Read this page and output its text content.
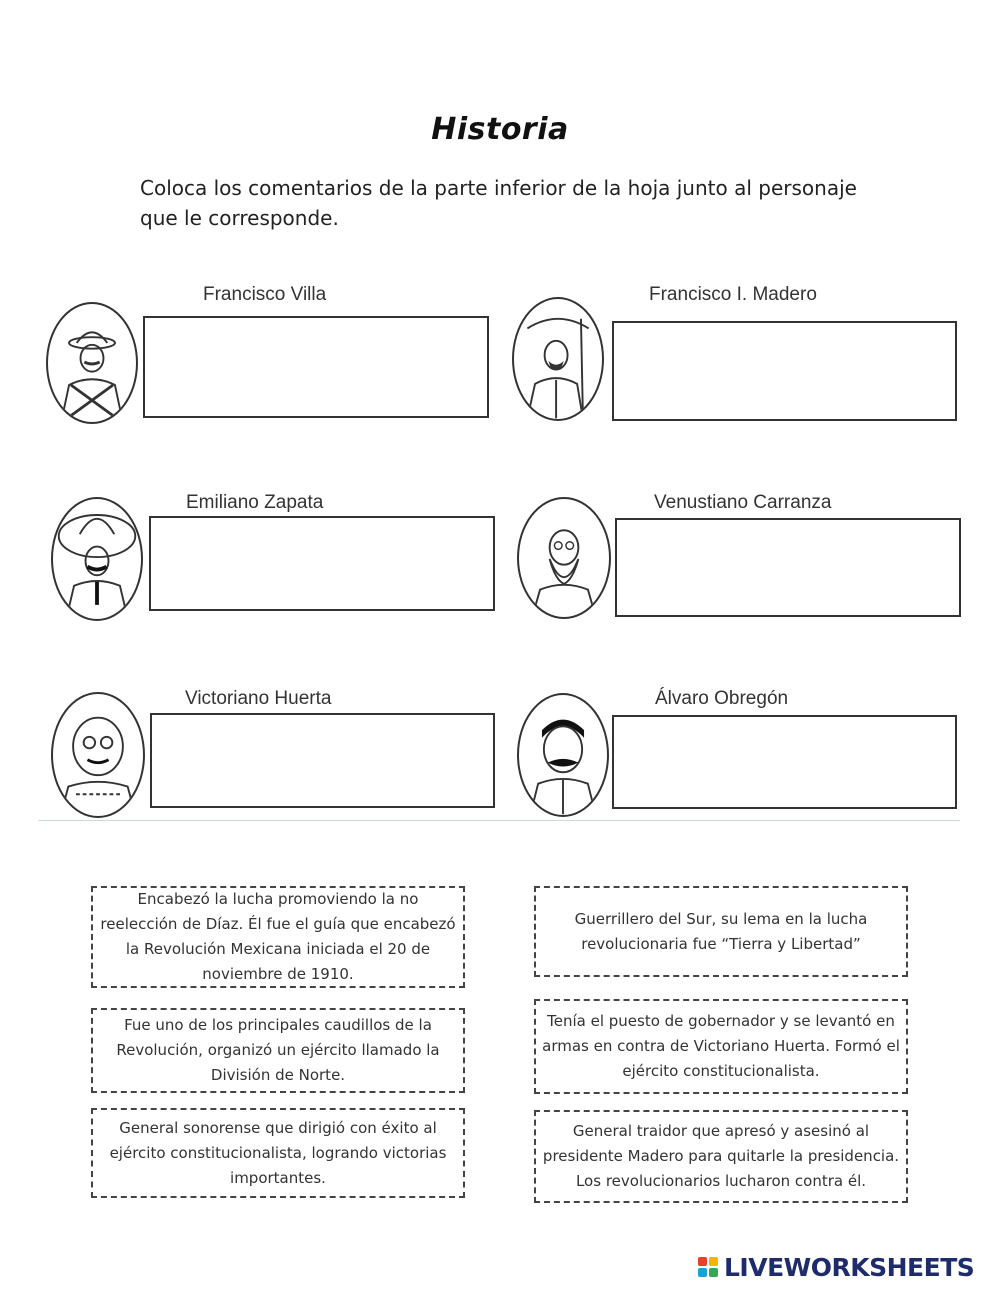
Historia
Coloca los comentarios de la parte inferior de la hoja junto al personaje que le corresponde.
Francisco Villa	Francisco I. Madero
Emiliano Zapata	Venustiano Carranza
Victoriano Huerta	Álvaro Obregón
Encabezó la lucha promoviendo la no reelección de Díaz. Él fue el guía que encabezó la Revolución Mexicana iniciada el 20 de noviembre de 1910.
Guerrillero del Sur, su lema en la lucha revolucionaria fue “Tierra y Libertad”
Fue uno de los principales caudillos de la Revolución, organizó un ejército llamado la División de Norte.
Tenía el puesto de gobernador y se levantó en armas en contra de Victoriano Huerta. Formó el ejército constitucionalista.
General sonorense que dirigió con éxito al ejército constitucionalista, logrando victorias importantes.
General traidor que apresó y asesinó al presidente Madero para quitarle la presidencia. Los revolucionarios lucharon contra él.
LIVEWORKSHEETS
